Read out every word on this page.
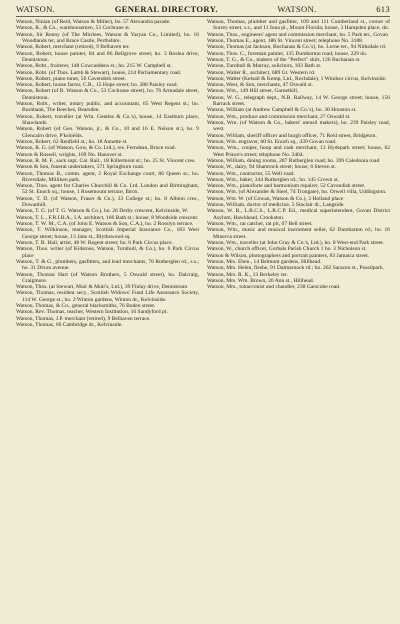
WATSON.	GENERAL DIRECTORY.	WATSON.	613

Watson, Ninian (of Reid, Watson & Miller), bo. 57 Alexandra parade.

Watson, R., & Co., warehousemen, 53 Cochrane st.

Watson, Sir Renny (of The Mirrlees, Watson & Yaryan Co., Limited), ho. 16 Woodlands ter, and Brace Castle, Perthshire.

Watson, Robert, merchant (retired), 9 Belhaven ter.

Watson, Robert, house painter, 84 and 86 Bellgrove street; ho. 3 Roslea drive, Dennistoun.

Watson, Robt., fruiterer, 148 Cowcaddens st.; ho. 215 W. Campbell st.

Watson, Robt. (of Thos. Lamb & Stewart), house, 214 Parliamentary road.

Watson, Robert, piano tuner, 56 Cavendish street.

Watson, Robert, house factor, C.R., 15 Hope street; ho. 288 Paisley road.

Watson, Robert (of R. Watson & Co., 53 Cochrane street), ho. 76 Armadale street, Dennistoun.

Watson, Robt., writer, notary public, and accountant, 65 West Regent st.; ho. Burnbank, The Beeches, Bearsden.

Watson, Robert, traveller (at Wm. Gentles & Co.'s), house, 14 Eastburn place, Shawlands.

Watson, Robert (of Geo. Watson, jr., & Co., 10 and 16 E. Nelson st.), ho. 9 Glencairn drive, P'kshields.

Watson, Robert, 62 Renfield st.; ho. 18 Annette st.

Watson, R. G. (of Watson, Gow, & Co. Ltd.), res. Ferndean, Bruce road.

Watson & Russell, wrights, 169 No. Hanover st.

Watson, R. M. F., sack supt. Cal. Rail., 18 Killermont st.; ho. 25 St. Vincent cres.

Watson & Son, funeral undertakers, 571 Springburn road.

Watson, Thomas B., comm. agent, 2 Royal Exchange court, 86 Queen st.; ho. Riversdale, Milliken park.

Watson, Thos. agent for Charles Churchill & Co. Ltd. London and Birmingham, 52 St. Enoch sq.; house, 1 Rosemount terrace, Ibrox.

Watson, T. D. (of Watson, Fraser & Co.), 33 College st.; ho. 8 Albion cres., Dowanhill.

Watson, T. G. (of T. G. Watson & Co.), ho. 26 Derby crescent, Kelvinside, W.

Watson, T. L., F.R.I.B.A., I.A. architect, 166 Bath st.; house, 8 Woodside crescent.

Watson, T. W. M., C.A. (of John E. Watson & Son, C.A.), ho. 2 Rosslyn terrace.

Watson, T. Wilkinson, manager, Scottish Imperial Insurance Co., 183 West George street; house, 13 Jane st., Blythswood sq.

Watson, T. R. Hall, artist, 48 W. Regent street; ho. 6 Park Circus place.

Watson, Thos. writer (of Kidstons, Watson, Turnbull, & Co.), ho. 6 Park Circus place

Watson, T. & G., plumbers, gasfitters, and lead merchants, 76 Rutherglen rd., s.s.; ho. 31 Dixon avenue.

Watson, Thomas Hart (of Watson Brothers, 5 Oswald street), ho. Dalcraig, Craigmore.

Watson, Thos. (at Stewart, Muir & Muir's, Ltd.), 39 Finlay drive, Dennistoun

Watson, Thomas, resident secy., Scottish Widows' Fund Life Assurance Society, 114 W. George st.; ho. 2 Winton gardens, Winton dr., Kelvinside.

Watson, Thomas, & Co., general blacksmiths, 76 Boden street.

Watson, Rev. Thomas, teacher, Western Institution, 16 Sandyford pl.

Watson, Thomas, J.P. merchant (retired), 9 Belhaven terrace.

Watson, Thomas, 60 Cambridge dr., Kelvinside.

Watson, Thomas, plumber and gasfitter, 109 and 111 Cumberland st., corner of Surrey street, s.s., and 11 Iona pl., Mount Florida; house, 3 Hampden place, do.

Watson, Thos., engineers' agent and commission merchant, bo. 5 Park ter., Govan

Watson, Thomas E., agent, 186 St. Vincent street; telephone No. 3188.

Watson, Thomas (at Jackson, Buchanan & Co.'s), ho. Lorne ter., 94 Nithsdale rd.

Watson, Thos. C., foreman painter, 135 Dumbarton road; house, 229 do.

Watson, T. G., & Co., makers of the "Perfect" shirt, 126 Buchanan st.

Watson, Turnbull & Murray, solicitors, 103 Bath st.

Watson, Walter R., architect, 689 Gt. Western rd.

Watson, Walter (Kelsall & Kemp, Ltd., Rochdale), 1 Windsor circus, Kelvinside.

Watson, West, & Son, merchants, 47 Oswald st.

Watson, Wm., 149 Hill street, Garnethill,

Watson, W. G., telegraph dept., N.B. Railway, 14 W. George street; house, 156 Barrack street.

Watson, William (at Andrew Campbell & Co.'s), ho. 30 Houston st.

Watson, Wm., produce and commission merchant, 27 Oswald st.

Watson, Wm. (of Watson & Co., bakers' utensil makers), ho. 239 Paisley road, west.

Watson, William, sheriff officer and burgh officer, 71 Reid street, Bridgeton.

Watson, Wm. engraver, 60 St. Enoch sq., 439 Govan road.

Watson, Wm., cooper, hoop and cask merchant, 13 Hydepark street; house, 62 West Prince's street; telephone No. 3464.

Watson, William, dining rooms, 287 Rutherglen road; ho. 399 Caledonia road

Watson, W., dairy, 94 Shamrock street; house, 6 Steven st.

Watson, Wm., contractor, 55 Well road.

Watson, Wm., baker, 344 Rutherglen rd.; ho. 145 Crown st.

Watson, Wm., pianoforte and harmonium repairer, 52 Cavendish street.

Watson, Wm. (of Alexander & Steel, 74 Trongate), ho. Orwell villa, Uddingston.

Watson, Wm. W. (of Cowan, Watson & Co.), 3 Holland place

Watson, William, doctor of medicine, 5 Sinclair dr., Langside.

Watson, W. R., L.R.C.S., L.R.C.P. Ed., medical superintendent, Govan District Asylum, Hawkhead, Crookston.

Watson, Wm., rat catcher, rat pit, 67 Bell street.

Watson, Wm., music and musical instrument seller, 62 Dumbarton rd.; ho. 16 Minerva street.

Watson, Wm., traveller (at John Gray & Co.'s, Ltd.), ho. 8 West-end Park street.

Watson, W., church officer, Gorbals Parish Church 1 ho. 3 Nicholson st.

Watson & Wilson, photographers and portrait painters, 83 Jamaica street.

Watson, Mrs. Eben., 14 Belmont gardens, Hillhead.

Watson, Mrs. Helen, fleshe, 91 Dalmarnock rd.; ho. 262 Saracen st., Possilpark.

Watson, Mrs. R. K., 13 Berkeley ter.

Watson, Mrs. Wm. Brown, 20 Ann st., Hillhead.

Watson, Mrs., tobacconist and chandler, 238 Garscube road.
